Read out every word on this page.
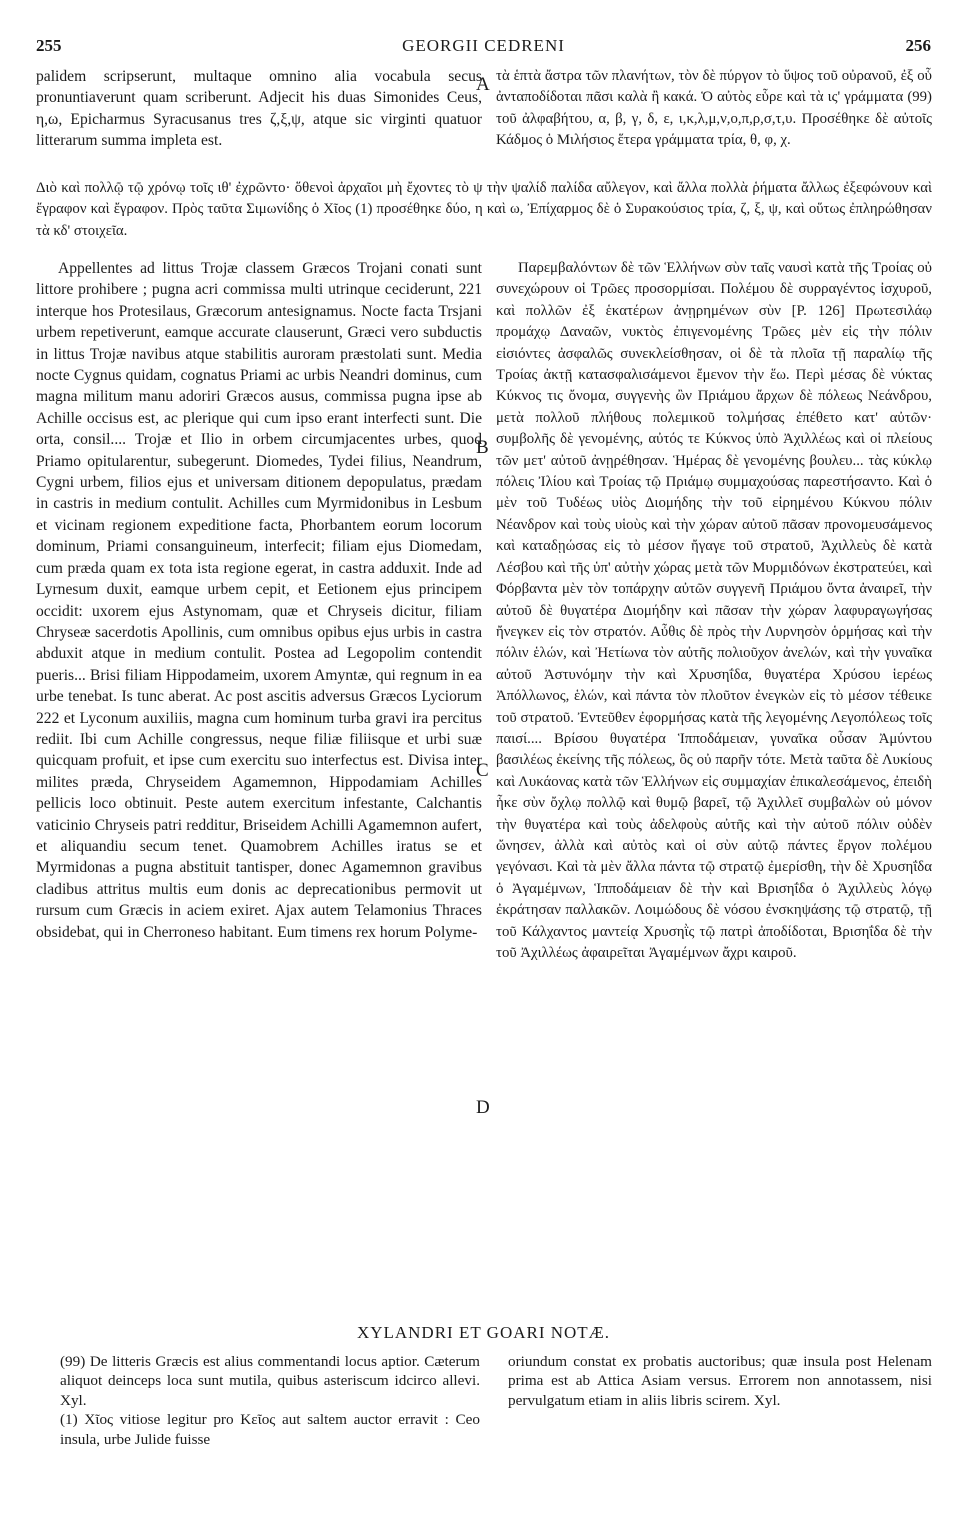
255	GEORGII CEDRENI	256

palidem scripserunt, multaque omnino alia vocabula secus pronuntiaverunt quam scriberunt. Adjecit his duas Simonides Ceus, η,ω, Epicharmus Syracusanus tres ζ,ξ,ψ, atque sic virginti quatuor litterarum summa impleta est.

A τὰ ἑπτὰ ἄστρα τῶν πλανήτων, τὸν δὲ πύργον τὸ ὕψος τοῦ οὐρανοῦ, ἐξ οὗ ἀνταποδίδοται πᾶσι καλὰ ἢ κακά. Ὁ αὐτὸς εὗρε καὶ τὰ ις' γράμματα (99) τοῦ ἀλφαβήτου, α, β, γ, δ, ε, ι,κ,λ,μ,ν,ο,π,ρ,σ,τ,υ. Προσέθηκε δὲ αὐτοῖς Κάδμος ὁ Μιλήσιος ἕτερα γράμματα τρία, θ, φ, χ.

Διὸ καὶ πολλῷ τῷ χρόνῳ τοῖς ιθ' ἐχρῶντο· ὅθενοὶ ἀρχαῖοι μὴ ἔχοντες τὸ ψ τὴν ψαλίδ παλίδα αὔλεγον, καὶ ἄλλα πολλὰ ῥήματα ἄλλως ἐξεφώνουν καὶ ἔγραφον καὶ ἔγραφον. Πρὸς ταῦτα Σιμωνίδης ὁ Χῖος (1) προσέθηκε δύο, η καὶ ω, Ἐπίχαρμος δὲ ὁ Συρακούσιος τρία, ζ, ξ, ψ, καὶ οὕτως ἐπληρώθησαν τὰ κδ' στοιχεῖα.

Appellentes ad littus Trojæ classem Græcos Trojani conati sunt littore prohibere ; pugna acri commissa multi utrinque ceciderunt, 221 interque hos Protesilaus, Græcorum antesignamus. Nocte facta Trsjani urbem repetiverunt, eamque accurate clauserunt, Græci vero subductis in littus Trojæ navibus atque stabilitis auroram præstolati sunt. Media nocte Cygnus quidam, cognatus Priami ac urbis Neandri dominus, cum magna militum manu adoriri Græcos ausus, commissa pugna ipse ab Achille occisus est, ac plerique qui cum ipso erant interfecti sunt. Die orta, consil.... Trojæ et Ilio in orbem circumjacentes urbes, quod Priamo opitularentur, subegerunt. Diomedes, Tydei filius, Neandrum, Cygni urbem, filios ejus et universam ditionem depopulatus, prædam in castris in medium contulit. Achilles cum Myrmidonibus in Lesbum et vicinam regionem expeditione facta, Phorbantem eorum locorum dominum, Priami consanguineum, interfecit; filiam ejus Diomedam, cum præda quam ex tota ista regione egerat, in castra adduxit. Inde ad Lyrnesum duxit, eamque urbem cepit, et Eetionem ejus principem occidit: uxorem ejus Astynomam, quæ et Chryseis dicitur, filiam Chryseæ sacerdotis Apollinis, cum omnibus opibus ejus urbis in castra abduxit atque in medium contulit. Postea ad Legopolim contendit pueris... Brisi filiam Hippodameim, uxorem Amyntæ, qui regnum in ea urbe tenebat. Is tunc aberat. Ac post ascitis adversus Græcos Lyciorum 222 et Lyconum auxiliis, magna cum hominum turba gravi ira percitus rediit. Ibi cum Achille congressus, neque filiæ filiisque et urbi suæ quicquam profuit, et ipse cum exercitu suo interfectus est. Divisa inter milites præda, Chryseidem Agamemnon, Hippodamiam Achilles pellicis loco obtinuit. Peste autem exercitum infestante, Calchantis vaticinio Chryseis patri redditur, Briseidem Achilli Agamemnon aufert, et aliquandiu secum tenet. Quamobrem Achilles iratus se et Myrmidonas a pugna abstituit tantisper, donec Agamemnon gravibus cladibus attritus multis eum donis ac deprecationibus permovit ut rursum cum Græcis in aciem exiret. Ajax autem Telamonius Thraces obsidebat, qui in Cherroneso habitant. Eum timens rex horum Polyme-

B
C
D

Παρεμβαλόντων δὲ τῶν Ἑλλήνων σὺν ταῖς ναυσὶ κατὰ τῆς Τροίας οὐ συνεχώρουν οἱ Τρῶες προσορμίσαι. Πολέμου δὲ συρραγέντος ἰσχυροῦ, καὶ πολλῶν ἐξ ἑκατέρων ἀνῃρημένων σὺν [P. 126] Πρωτεσιλάῳ προμάχῳ Δαναῶν, νυκτὸς ἐπιγενομένης Τρῶες μὲν εἰς τὴν πόλιν εἰσιόντες ἀσφαλῶς συνεκλείσθησαν, οἱ δὲ τὰ πλοῖα τῇ παραλίῳ τῆς Τροίας ἀκτῇ κατασφαλισάμενοι ἔμενον τὴν ἕω. Περὶ μέσας δὲ νύκτας Κύκνος τις ὄνομα, συγγενὴς ὢν Πριάμου ἄρχων δὲ πόλεως Νεάνδρου, μετὰ πολλοῦ πλήθους πολεμικοῦ τολμήσας ἐπέθετο κατ' αὐτῶν· συμβολῆς δὲ γενομένης, αὐτός τε Κύκνος ὑπὸ Ἀχιλλέως καὶ οἱ πλείους τῶν μετ' αὐτοῦ ἀνῃρέθησαν. Ἡμέρας δὲ γενομένης βουλευ... τὰς κύκλῳ πόλεις Ἰλίου καὶ Τροίας τῷ Πριάμῳ συμμαχούσας παρεστήσαντο. Καὶ ὁ μὲν τοῦ Τυδέως υἱὸς Διομήδης τὴν τοῦ εἰρημένου Κύκνου πόλιν Νέανδρον καὶ τοὺς υἱοὺς καὶ τὴν χώραν αὐτοῦ πᾶσαν προνομευσάμενος καὶ καταδῃώσας εἰς τὸ μέσον ἤγαγε τοῦ στρατοῦ, Ἀχιλλεὺς δὲ κατὰ Λέσβου καὶ τῆς ὑπ' αὐτὴν χώρας μετὰ τῶν Μυρμιδόνων ἐκστρατεύει, καὶ Φόρβαντα μὲν τὸν τοπάρχην αὐτῶν συγγενῆ Πριάμου ὄντα ἀναιρεῖ, τὴν αὐτοῦ δὲ θυγατέρα Διομήδην καὶ πᾶσαν τὴν χώραν λαφυραγωγήσας ἤνεγκεν εἰς τὸν στρατόν. Αὖθις δὲ πρὸς τὴν Λυρνησὸν ὁρμήσας καὶ τὴν πόλιν ἑλών, καὶ Ἠετίωνα τὸν αὐτῆς πολιοῦχον ἀνελών, καὶ τὴν γυναῖκα αὐτοῦ Ἀστυνόμην τὴν καὶ Χρυσηΐδα, θυγατέρα Χρύσου ἱερέως Ἀπόλλωνος, ἑλών, καὶ πάντα τὸν πλοῦτον ἐνεγκὼν εἰς τὸ μέσον τέθεικε τοῦ στρατοῦ. Ἐντεῦθεν ἐφορμήσας κατὰ τῆς λεγομένης Λεγοπόλεως τοῖς παισί.... Βρίσου θυγατέρα Ἱπποδάμειαν, γυναῖκα οὖσαν Ἀμύντου βασιλέως ἐκείνης τῆς πόλεως, ὃς οὐ παρῆν τότε. Μετὰ ταῦτα δὲ Λυκίους καὶ Λυκάονας κατὰ τῶν Ἑλλήνων εἰς συμμαχίαν ἐπικαλεσάμενος, ἐπειδὴ ἧκε σὺν ὄχλῳ πολλῷ καὶ θυμῷ βαρεῖ, τῷ Ἀχιλλεῖ συμβαλὼν οὐ μόνον τὴν θυγατέρα καὶ τοὺς ἀδελφοὺς αὐτῆς καὶ τὴν αὐτοῦ πόλιν οὐδὲν ὤνησεν, ἀλλὰ καὶ αὐτὸς καὶ οἱ σὺν αὐτῷ πάντες ἔργον πολέμου γεγόνασι. Καὶ τὰ μὲν ἄλλα πάντα τῷ στρατῷ ἐμερίσθη, τὴν δὲ Χρυσηΐδα ὁ Ἀγαμέμνων, Ἱπποδάμειαν δὲ τὴν καὶ Βρισηΐδα ὁ Ἀχιλλεὺς λόγῳ ἐκράτησαν παλλακῶν. Λοιμώδους δὲ νόσου ἐνσκηψάσης τῷ στρατῷ, τῇ τοῦ Κάλχαντος μαντείᾳ Χρυσηῒς τῷ πατρὶ ἀποδίδοται, Βρισηΐδα δὲ τὴν τοῦ Ἀχιλλέως ἀφαιρεῖται Ἀγαμέμνων ἄχρι καιροῦ.

XYLANDRI ET GOARI NOTÆ.

(99) De litteris Græcis est alius commentandi locus aptior. Cæterum aliquot deinceps loca sunt mutila, quibus asteriscum idcirco allevi. Xyl.

(1) Χῖος vitiose legitur pro Κεῖος aut saltem auctor erravit : Ceo insula, urbe Julide fuisse

oriundum constat ex probatis auctoribus; quæ insula post Helenam prima est ab Attica Asiam versus. Errorem non annotassem, nisi pervulgatum etiam in aliis libris scirem. Xyl.
